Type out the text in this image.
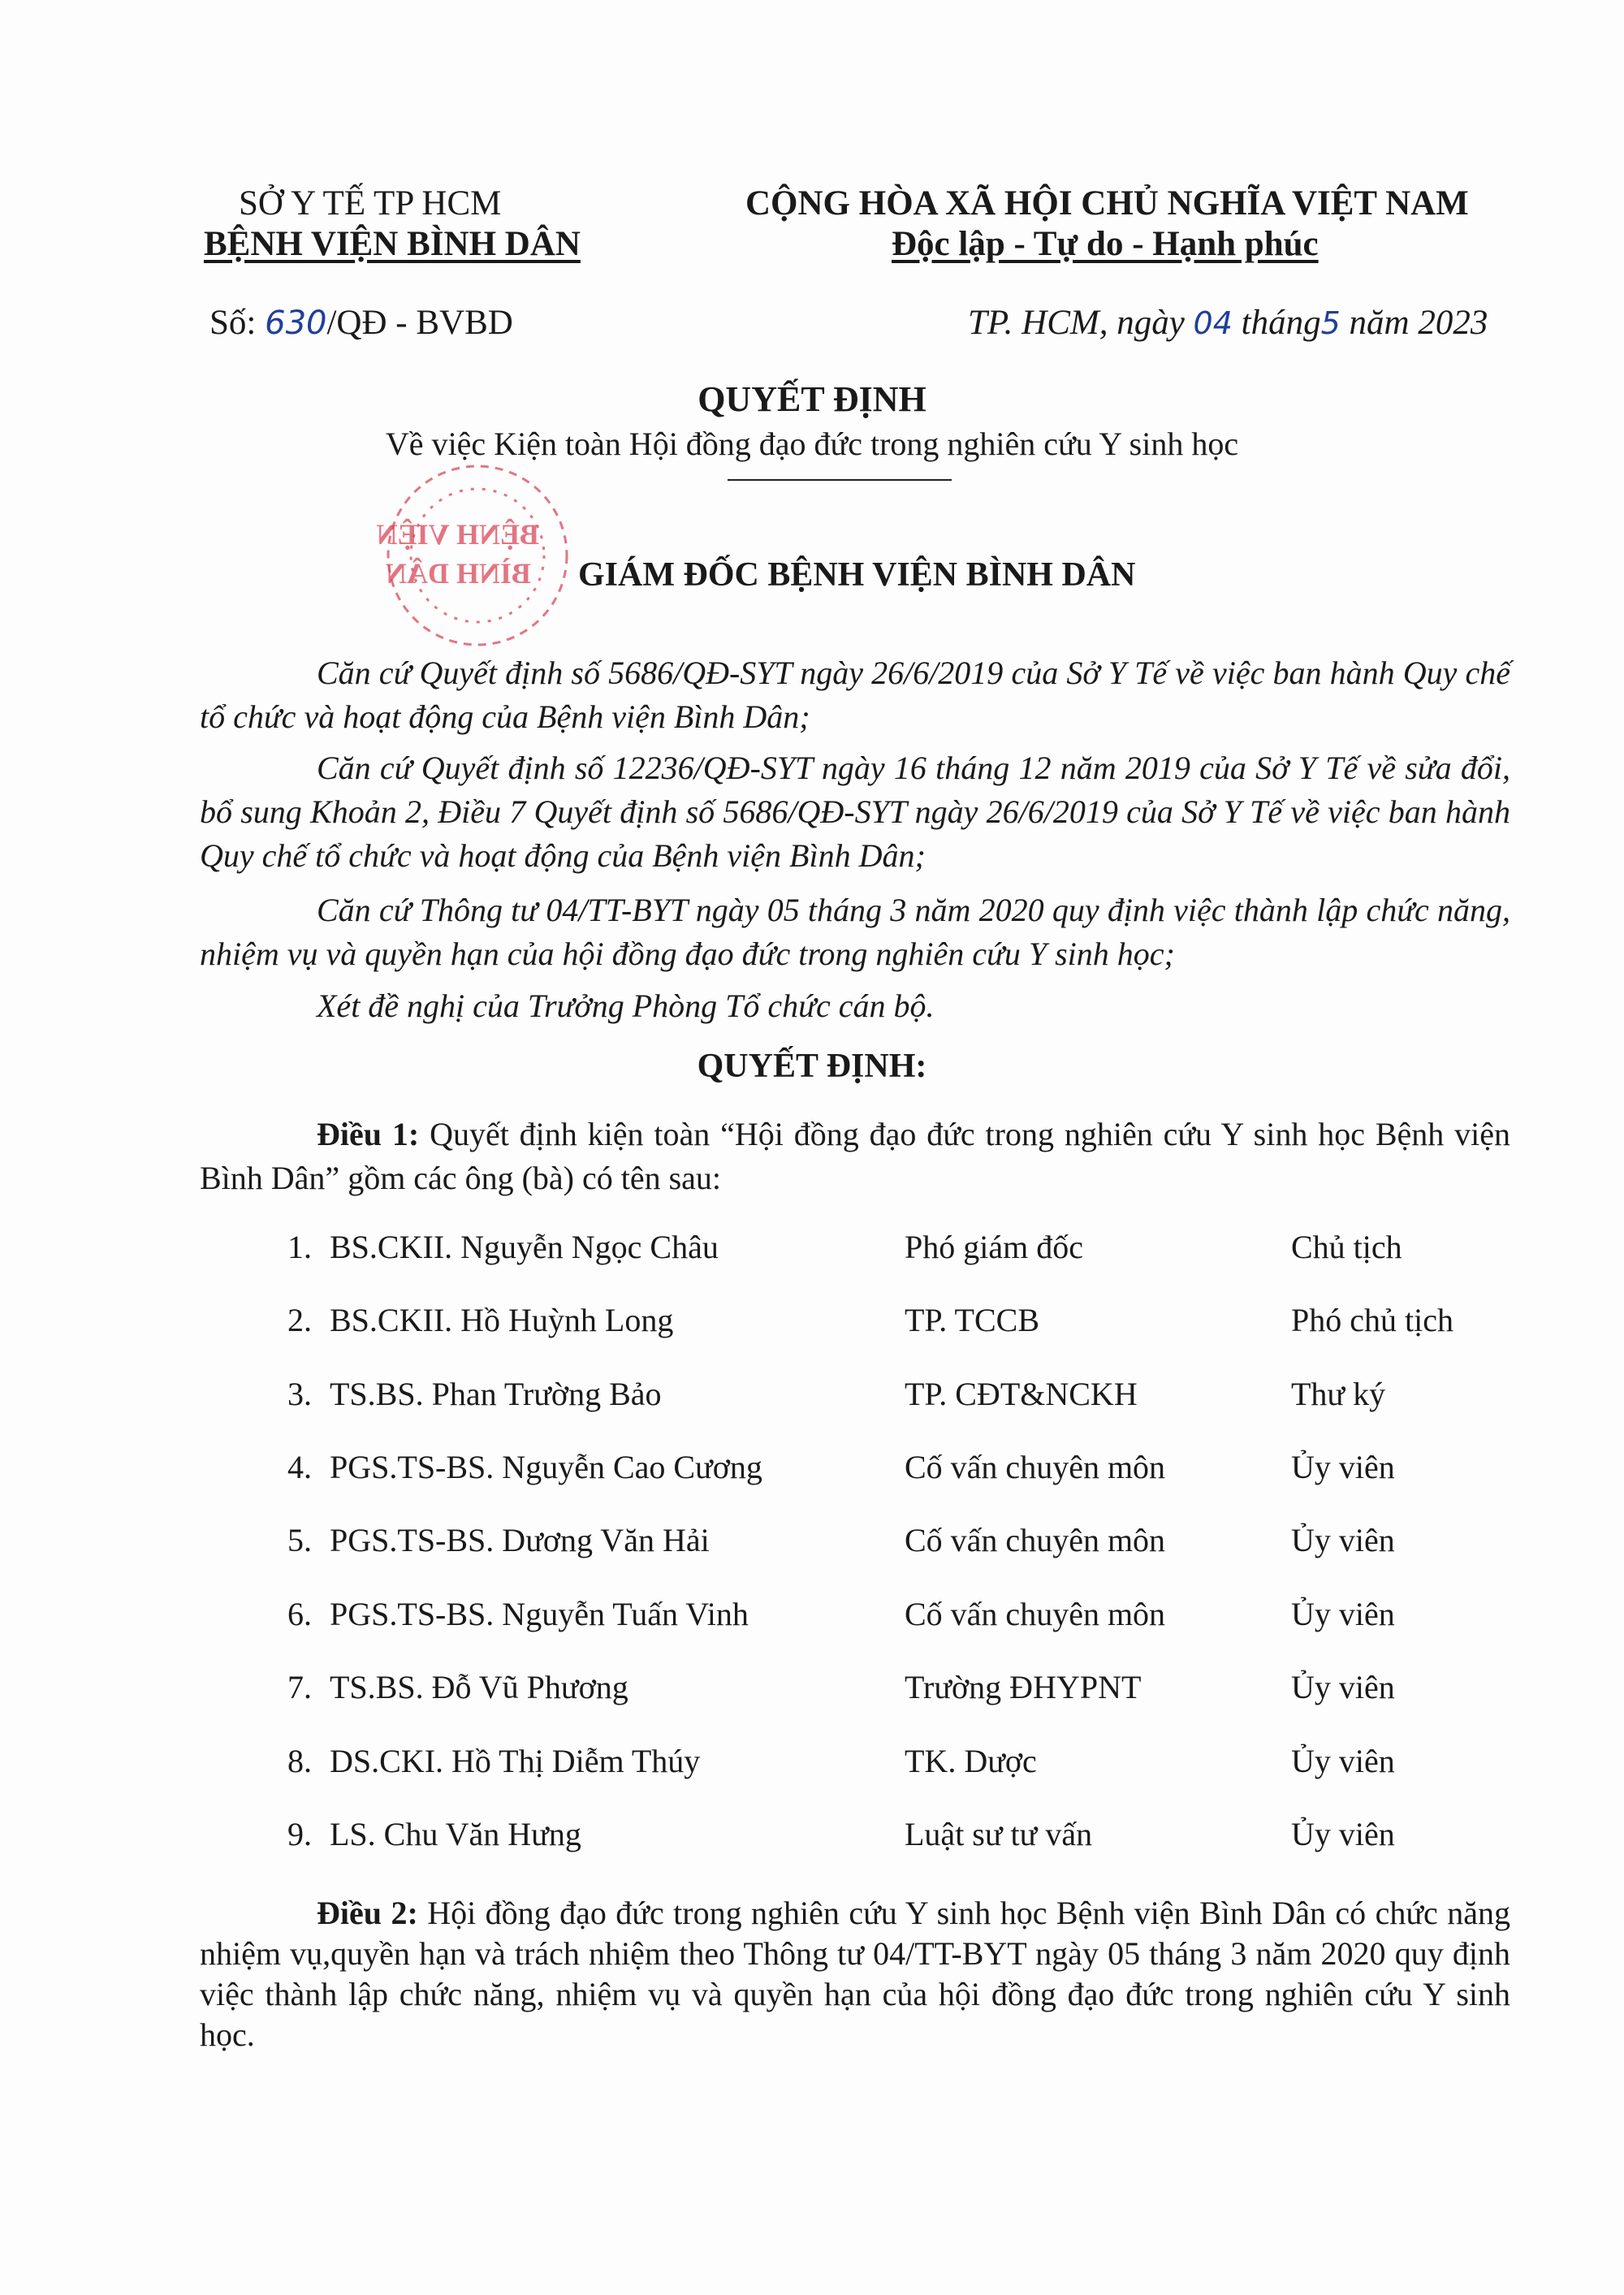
SỞ Y TẾ TP HCM
BỆNH VIỆN BÌNH DÂN
CỘNG HÒA XÃ HỘI CHỦ NGHĨA VIỆT NAM
Độc lập - Tự do - Hạnh phúc
Số: 630/QĐ - BVBD	TP. HCM, ngày 04 tháng5 năm 2023
QUYẾT ĐỊNH
Về việc Kiện toàn Hội đồng đạo đức trong nghiên cứu Y sinh học
BỆNH VIỆN
BÌNH DÂN GIÁM ĐỐC BỆNH VIỆN BÌNH DÂN
Căn cứ Quyết định số 5686/QĐ-SYT ngày 26/6/2019 của Sở Y Tế về việc ban hành Quy chế tổ chức và hoạt động của Bệnh viện Bình Dân;
Căn cứ Quyết định số 12236/QĐ-SYT ngày 16 tháng 12 năm 2019 của Sở Y Tế về sửa đổi, bổ sung Khoản 2, Điều 7 Quyết định số 5686/QĐ-SYT ngày 26/6/2019 của Sở Y Tế về việc ban hành Quy chế tổ chức và hoạt động của Bệnh viện Bình Dân;
Căn cứ Thông tư 04/TT-BYT ngày 05 tháng 3 năm 2020 quy định việc thành lập chức năng, nhiệm vụ và quyền hạn của hội đồng đạo đức trong nghiên cứu Y sinh học;
Xét đề nghị của Trưởng Phòng Tổ chức cán bộ.
QUYẾT ĐỊNH:
Điều 1: Quyết định kiện toàn “Hội đồng đạo đức trong nghiên cứu Y sinh học Bệnh viện Bình Dân” gồm các ông (bà) có tên sau:
1. BS.CKII. Nguyễn Ngọc Châu	Phó giám đốc	Chủ tịch
2. BS.CKII. Hồ Huỳnh Long	TP. TCCB	Phó chủ tịch
3. TS.BS. Phan Trường Bảo	TP. CĐT&NCKH	Thư ký
4. PGS.TS-BS. Nguyễn Cao Cương	Cố vấn chuyên môn	Ủy viên
5. PGS.TS-BS. Dương Văn Hải	Cố vấn chuyên môn	Ủy viên
6. PGS.TS-BS. Nguyễn Tuấn Vinh	Cố vấn chuyên môn	Ủy viên
7. TS.BS. Đỗ Vũ Phương	Trường ĐHYPNT	Ủy viên
8. DS.CKI. Hồ Thị Diễm Thúy	TK. Dược	Ủy viên
9. LS. Chu Văn Hưng	Luật sư tư vấn	Ủy viên
Điều 2: Hội đồng đạo đức trong nghiên cứu Y sinh học Bệnh viện Bình Dân có chức năng nhiệm vụ,quyền hạn và trách nhiệm theo Thông tư 04/TT-BYT ngày 05 tháng 3 năm 2020 quy định việc thành lập chức năng, nhiệm vụ và quyền hạn của hội đồng đạo đức trong nghiên cứu Y sinh học.
